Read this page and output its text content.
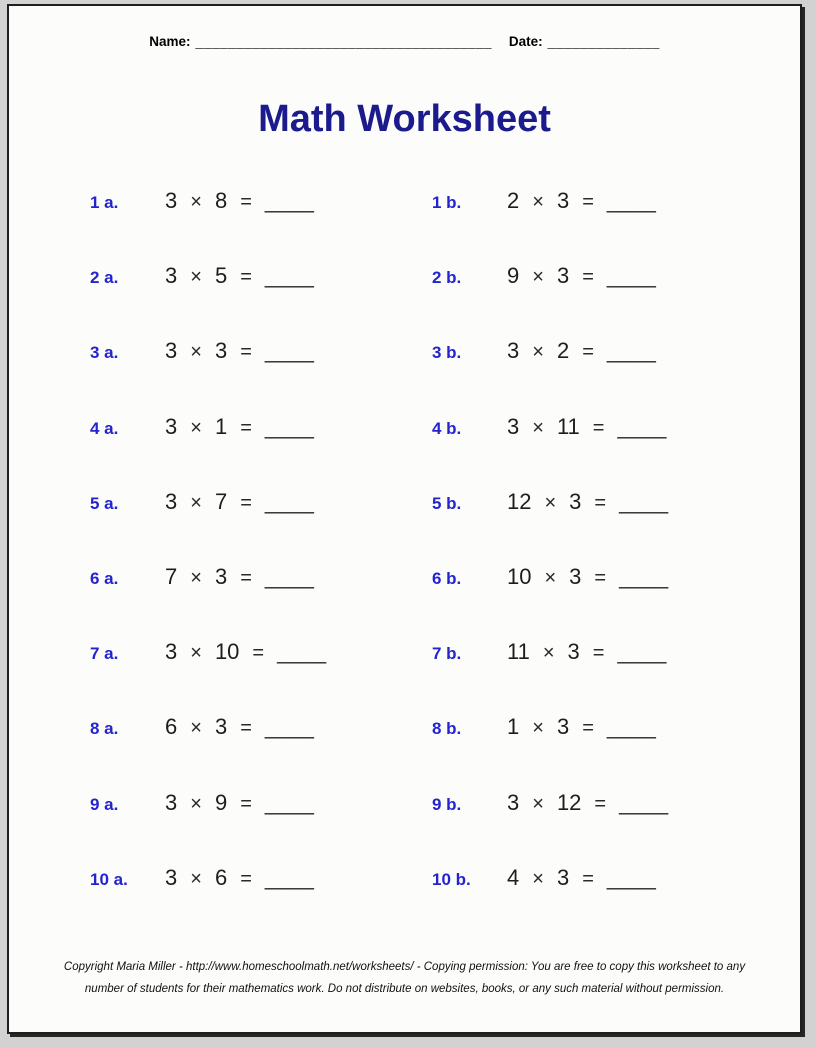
Name: _____________________________________ Date: ______________
Math Worksheet
1 a.	3 × 8 = ____	1 b.	2 × 3 = ____
2 a.	3 × 5 = ____	2 b.	9 × 3 = ____
3 a.	3 × 3 = ____	3 b.	3 × 2 = ____
4 a.	3 × 1 = ____	4 b.	3 × 11 = ____
5 a.	3 × 7 = ____	5 b.	12 × 3 = ____
6 a.	7 × 3 = ____	6 b.	10 × 3 = ____
7 a.	3 × 10 = ____	7 b.	11 × 3 = ____
8 a.	6 × 3 = ____	8 b.	1 × 3 = ____
9 a.	3 × 9 = ____	9 b.	3 × 12 = ____
10 a.	3 × 6 = ____	10 b.	4 × 3 = ____
Copyright Maria Miller - http://www.homeschoolmath.net/worksheets/ - Copying permission: You are free to copy this worksheet to any
number of students for their mathematics work. Do not distribute on websites, books, or any such material without permission.
